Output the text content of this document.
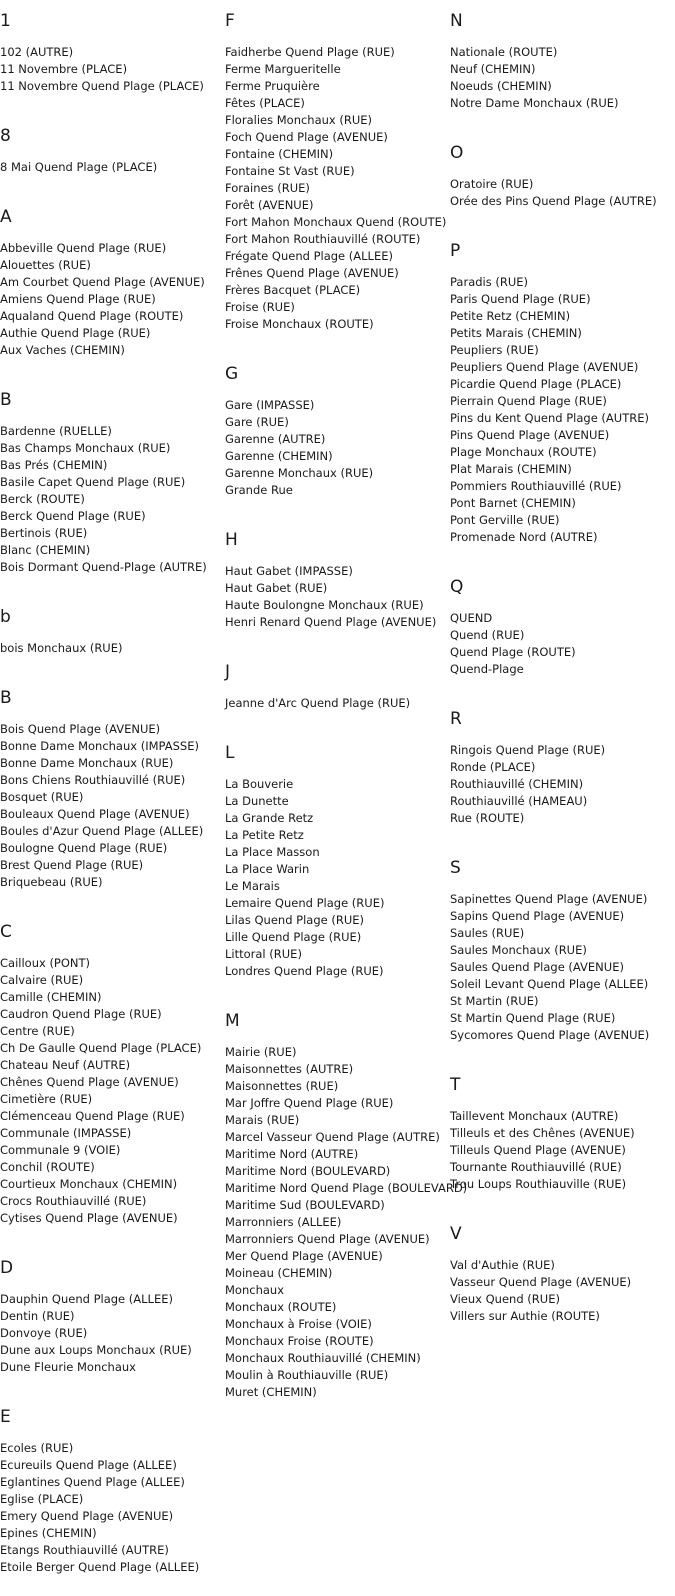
1
102 (AUTRE)
11 Novembre (PLACE)
11 Novembre Quend Plage (PLACE)
8
8 Mai Quend Plage (PLACE)
A
Abbeville Quend Plage (RUE)
Alouettes (RUE)
Am Courbet Quend Plage (AVENUE)
Amiens Quend Plage (RUE)
Aqualand Quend Plage (ROUTE)
Authie Quend Plage (RUE)
Aux Vaches (CHEMIN)
B
Bardenne (RUELLE)
Bas Champs Monchaux (RUE)
Bas Prés (CHEMIN)
Basile Capet Quend Plage (RUE)
Berck (ROUTE)
Berck Quend Plage (RUE)
Bertinois (RUE)
Blanc (CHEMIN)
Bois Dormant Quend-Plage (AUTRE)
b
bois Monchaux (RUE)
B
Bois Quend Plage (AVENUE)
Bonne Dame Monchaux (IMPASSE)
Bonne Dame Monchaux (RUE)
Bons Chiens Routhiauvillé (RUE)
Bosquet (RUE)
Bouleaux Quend Plage (AVENUE)
Boules d'Azur Quend Plage (ALLEE)
Boulogne Quend Plage (RUE)
Brest Quend Plage (RUE)
Briquebeau (RUE)
C
Cailloux (PONT)
Calvaire (RUE)
Camille (CHEMIN)
Caudron Quend Plage (RUE)
Centre (RUE)
Ch De Gaulle Quend Plage (PLACE)
Chateau Neuf (AUTRE)
Chênes Quend Plage (AVENUE)
Cimetière (RUE)
Clémenceau Quend Plage (RUE)
Communale (IMPASSE)
Communale 9 (VOIE)
Conchil (ROUTE)
Courtieux Monchaux (CHEMIN)
Crocs Routhiauvillé (RUE)
Cytises Quend Plage (AVENUE)
D
Dauphin Quend Plage (ALLEE)
Dentin (RUE)
Donvoye (RUE)
Dune aux Loups Monchaux (RUE)
Dune Fleurie Monchaux
E
Ecoles (RUE)
Ecureuils Quend Plage (ALLEE)
Eglantines Quend Plage (ALLEE)
Eglise (PLACE)
Emery Quend Plage (AVENUE)
Epines (CHEMIN)
Etangs Routhiauvillé (AUTRE)
Etoile Berger Quend Plage (ALLEE)
F
Faidherbe Quend Plage (RUE)
Ferme Margueritelle
Ferme Pruquière
Fêtes (PLACE)
Floralies Monchaux (RUE)
Foch Quend Plage (AVENUE)
Fontaine (CHEMIN)
Fontaine St Vast (RUE)
Foraines (RUE)
Forêt (AVENUE)
Fort Mahon Monchaux Quend (ROUTE)
Fort Mahon Routhiauvillé (ROUTE)
Frégate Quend Plage (ALLEE)
Frênes Quend Plage (AVENUE)
Frères Bacquet (PLACE)
Froise (RUE)
Froise Monchaux (ROUTE)
G
Gare (IMPASSE)
Gare (RUE)
Garenne (AUTRE)
Garenne (CHEMIN)
Garenne Monchaux (RUE)
Grande Rue
H
Haut Gabet (IMPASSE)
Haut Gabet (RUE)
Haute Boulongne Monchaux (RUE)
Henri Renard Quend Plage (AVENUE)
J
Jeanne d'Arc Quend Plage (RUE)
L
La Bouverie
La Dunette
La Grande Retz
La Petite Retz
La Place Masson
La Place Warin
Le Marais
Lemaire Quend Plage (RUE)
Lilas Quend Plage (RUE)
Lille Quend Plage (RUE)
Littoral (RUE)
Londres Quend Plage (RUE)
M
Mairie (RUE)
Maisonnettes (AUTRE)
Maisonnettes (RUE)
Mar Joffre Quend Plage (RUE)
Marais (RUE)
Marcel Vasseur Quend Plage (AUTRE)
Maritime Nord (AUTRE)
Maritime Nord (BOULEVARD)
Maritime Nord Quend Plage (BOULEVARD)
Maritime Sud (BOULEVARD)
Marronniers (ALLEE)
Marronniers Quend Plage (AVENUE)
Mer Quend Plage (AVENUE)
Moineau (CHEMIN)
Monchaux
Monchaux (ROUTE)
Monchaux à Froise (VOIE)
Monchaux Froise (ROUTE)
Monchaux Routhiauvillé (CHEMIN)
Moulin à Routhiauville (RUE)
Muret (CHEMIN)
N
Nationale (ROUTE)
Neuf (CHEMIN)
Noeuds (CHEMIN)
Notre Dame Monchaux (RUE)
O
Oratoire (RUE)
Orée des Pins Quend Plage (AUTRE)
P
Paradis (RUE)
Paris Quend Plage (RUE)
Petite Retz (CHEMIN)
Petits Marais (CHEMIN)
Peupliers (RUE)
Peupliers Quend Plage (AVENUE)
Picardie Quend Plage (PLACE)
Pierrain Quend Plage (RUE)
Pins du Kent Quend Plage (AUTRE)
Pins Quend Plage (AVENUE)
Plage Monchaux (ROUTE)
Plat Marais (CHEMIN)
Pommiers Routhiauvillé (RUE)
Pont Barnet (CHEMIN)
Pont Gerville (RUE)
Promenade Nord (AUTRE)
Q
QUEND
Quend (RUE)
Quend Plage (ROUTE)
Quend-Plage
R
Ringois Quend Plage (RUE)
Ronde (PLACE)
Routhiauvillé (CHEMIN)
Routhiauvillé (HAMEAU)
Rue (ROUTE)
S
Sapinettes Quend Plage (AVENUE)
Sapins Quend Plage (AVENUE)
Saules (RUE)
Saules Monchaux (RUE)
Saules Quend Plage (AVENUE)
Soleil Levant Quend Plage (ALLEE)
St Martin (RUE)
St Martin Quend Plage (RUE)
Sycomores Quend Plage (AVENUE)
T
Taillevent Monchaux (AUTRE)
Tilleuls et des Chênes (AVENUE)
Tilleuls Quend Plage (AVENUE)
Tournante Routhiauvillé (RUE)
Trou Loups Routhiauville (RUE)
V
Val d'Authie (RUE)
Vasseur Quend Plage (AVENUE)
Vieux Quend (RUE)
Villers sur Authie (ROUTE)
